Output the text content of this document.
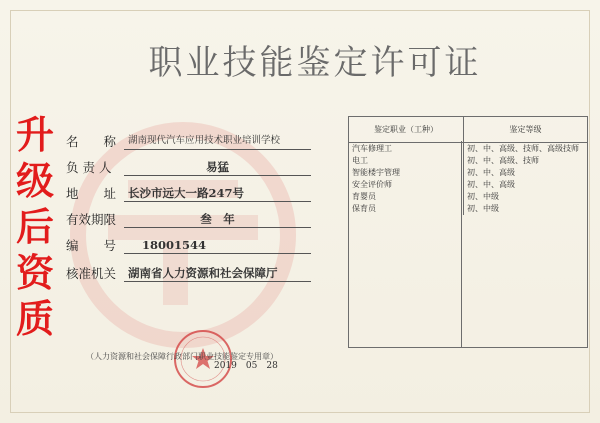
职业技能鉴定许可证
升
级
后
资
质
名　　称	湖南现代汽车应用技术职业培训学校
负 责 人	易猛
地　　址	长沙市远大一路247号
有效期限	叁　年
编　　号	18001544
核准机关	湖南省人力资源和社会保障厅
（人力资源和社会保障行政部门职业技能鉴定专用章）
2019　05　28
鉴定职业（工种）	鉴定等级
汽车修理工	初、中、高级、技师、高级技师
电工	初、中、高级、技师
智能楼宇管理	初、中、高级
安全评价师	初、中、高级
育婴员	初、中级
保育员	初、中级
